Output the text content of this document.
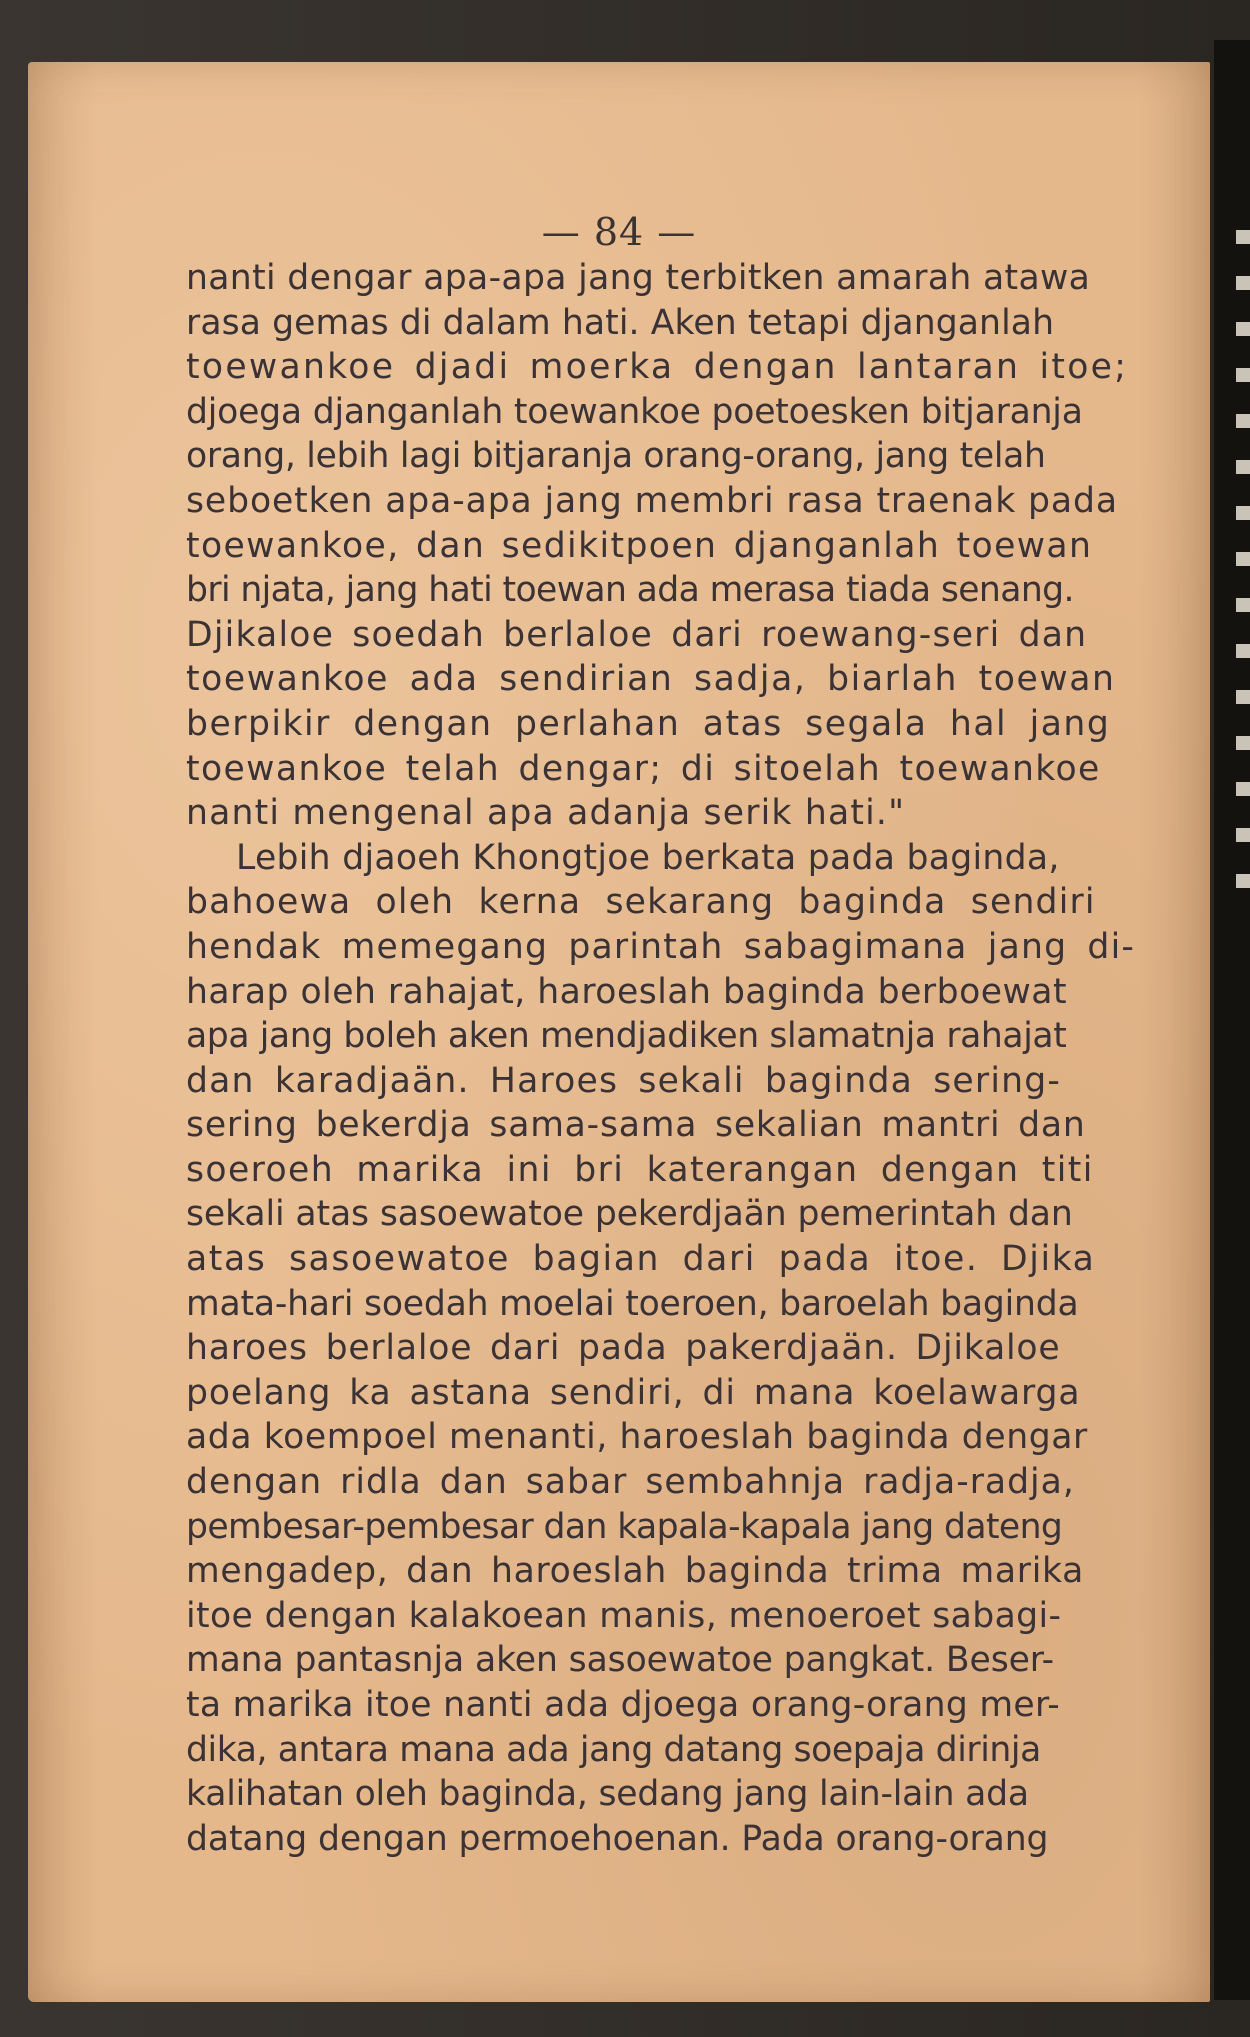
— 84 —
nanti dengar apa-apa jang terbitken amarah atawa
rasa gemas di dalam hati. Aken tetapi djanganlah
toewankoe djadi moerka dengan lantaran itoe;
djoega djanganlah toewankoe poetoesken bitjaranja
orang, lebih lagi bitjaranja orang-orang, jang telah
seboetken apa-apa jang membri rasa traenak pada
toewankoe, dan sedikitpoen djanganlah toewan
bri njata, jang hati toewan ada merasa tiada senang.
Djikaloe soedah berlaloe dari roewang-seri dan
toewankoe ada sendirian sadja, biarlah toewan
berpikir dengan perlahan atas segala hal jang
toewankoe telah dengar; di sitoelah toewankoe
nanti mengenal apa adanja serik hati."
Lebih djaoeh Khongtjoe berkata pada baginda,
bahoewa oleh kerna sekarang baginda sendiri
hendak memegang parintah sabagimana jang di-
harap oleh rahajat, haroeslah baginda berboewat
apa jang boleh aken mendjadiken slamatnja rahajat
dan karadjaän. Haroes sekali baginda sering-
sering bekerdja sama-sama sekalian mantri dan
soeroeh marika ini bri katerangan dengan titi
sekali atas sasoewatoe pekerdjaän pemerintah dan
atas sasoewatoe bagian dari pada itoe. Djika
mata-hari soedah moelai toeroen, baroelah baginda
haroes berlaloe dari pada pakerdjaän. Djikaloe
poelang ka astana sendiri, di mana koelawarga
ada koempoel menanti, haroeslah baginda dengar
dengan ridla dan sabar sembahnja radja-radja,
pembesar-pembesar dan kapala-kapala jang dateng
mengadep, dan haroeslah baginda trima marika
itoe dengan kalakoean manis, menoeroet sabagi-
mana pantasnja aken sasoewatoe pangkat. Beser-
ta marika itoe nanti ada djoega orang-orang mer-
dika, antara mana ada jang datang soepaja dirinja
kalihatan oleh baginda, sedang jang lain-lain ada
datang dengan permoehoenan. Pada orang-orang
